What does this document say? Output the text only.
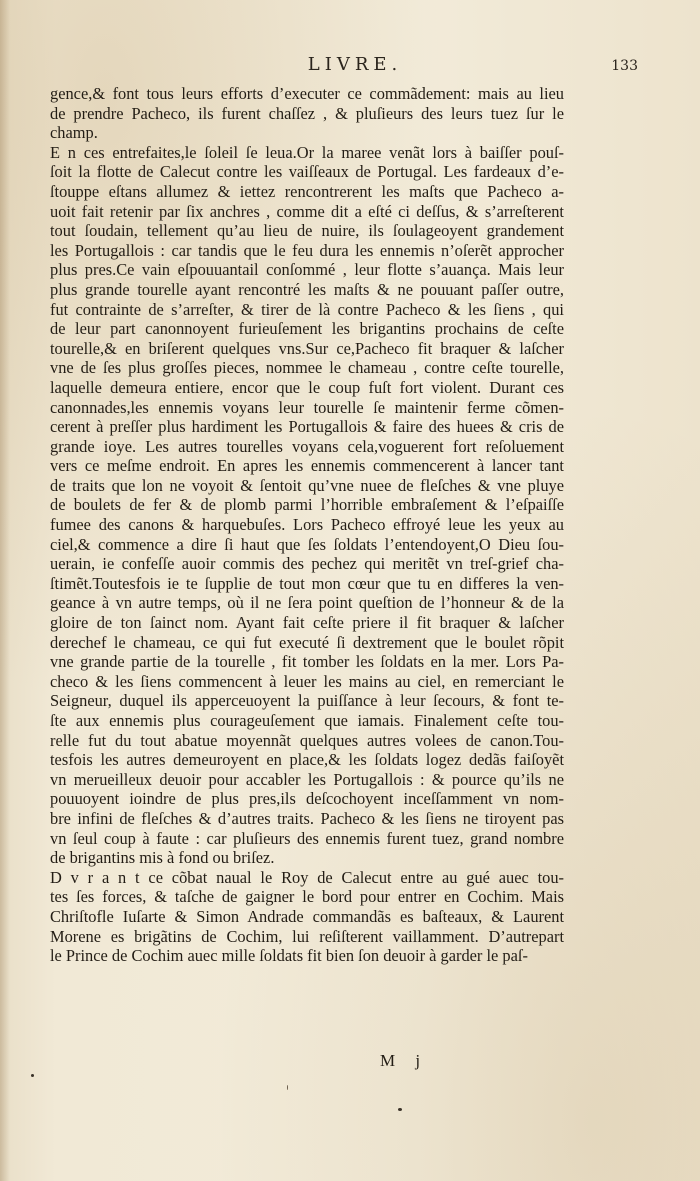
LIVRE.	133
gence,& font tous leurs efforts d’executer ce commãdement: mais au lieu
de prendre Pacheco, ils furent chaſſez , & pluſieurs des leurs tuez ſur le
champ.
E n ces entrefaites,le ſoleil ſe leua.Or la maree venãt lors à baiſſer pouſ-
ſoit la flotte de Calecut contre les vaiſſeaux de Portugal. Les fardeaux d’e-
ſtouppe eſtans allumez & iettez rencontrerent les maſts que Pacheco a-
uoit fait retenir par ſix anchres , comme dit a eſté ci deſſus, & s’arreſterent
tout ſoudain, tellement qu’au lieu de nuire, ils ſoulageoyent grandement
les Portugallois : car tandis que le feu dura les ennemis n’oſerẽt approcher
plus pres.Ce vain eſpouuantail conſommé , leur flotte s’auança. Mais leur
plus grande tourelle ayant rencontré les maſts & ne pouuant paſſer outre,
fut contrainte de s’arreſter, & tirer de là contre Pacheco & les ſiens , qui
de leur part canonnoyent furieuſement les brigantins prochains de ceſte
tourelle,& en briſerent quelques vns.Sur ce,Pacheco fit braquer & laſcher
vne de ſes plus groſſes pieces, nommee le chameau , contre ceſte tourelle,
laquelle demeura entiere, encor que le coup fuſt fort violent. Durant ces
canonnades,les ennemis voyans leur tourelle ſe maintenir ferme cõmen-
cerent à preſſer plus hardiment les Portugallois & faire des huees & cris de
grande ioye. Les autres tourelles voyans cela,voguerent fort reſoluement
vers ce meſme endroit. En apres les ennemis commencerent à lancer tant
de traits que lon ne voyoit & ſentoit qu’vne nuee de fleſches & vne pluye
de boulets de fer & de plomb parmi l’horrible embraſement & l’eſpaiſſe
fumee des canons & harquebuſes. Lors Pacheco effroyé leue les yeux au
ciel,& commence a dire ſi haut que ſes ſoldats l’entendoyent,O Dieu ſou-
uerain, ie confeſſe auoir commis des pechez qui meritẽt vn treſ-grief cha-
ſtimẽt.Toutesfois ie te ſupplie de tout mon cœur que tu en differes la ven-
geance à vn autre temps, où il ne ſera point queſtion de l’honneur & de la
gloire de ton ſainct nom. Ayant fait ceſte priere il fit braquer & laſcher
derechef le chameau, ce qui fut executé ſi dextrement que le boulet rõpit
vne grande partie de la tourelle , fit tomber les ſoldats en la mer. Lors Pa-
checo & les ſiens commencent à leuer les mains au ciel, en remerciant le
Seigneur, duquel ils apperceuoyent la puiſſance à leur ſecours, & font te-
ſte aux ennemis plus courageuſement que iamais. Finalement ceſte tou-
relle fut du tout abatue moyennãt quelques autres volees de canon.Tou-
tesfois les autres demeuroyent en place,& les ſoldats logez dedãs faiſoyẽt
vn merueilleux deuoir pour accabler les Portugallois : & pource qu’ils ne
pouuoyent ioindre de plus pres,ils deſcochoyent inceſſamment vn nom-
bre infini de fleſches & d’autres traits. Pacheco & les ſiens ne tiroyent pas
vn ſeul coup à faute : car pluſieurs des ennemis furent tuez, grand nombre
de brigantins mis à fond ou briſez.
D v r a n t ce cõbat naual le Roy de Calecut entre au gué auec tou-
tes ſes forces, & taſche de gaigner le bord pour entrer en Cochim. Mais
Chriſtofle Iuſarte & Simon Andrade commandãs es baſteaux, & Laurent
Morene es brigãtins de Cochim, lui reſiſterent vaillamment. D’autrepart
le Prince de Cochim auec mille ſoldats fit bien ſon deuoir à garder le paſ-
M j
